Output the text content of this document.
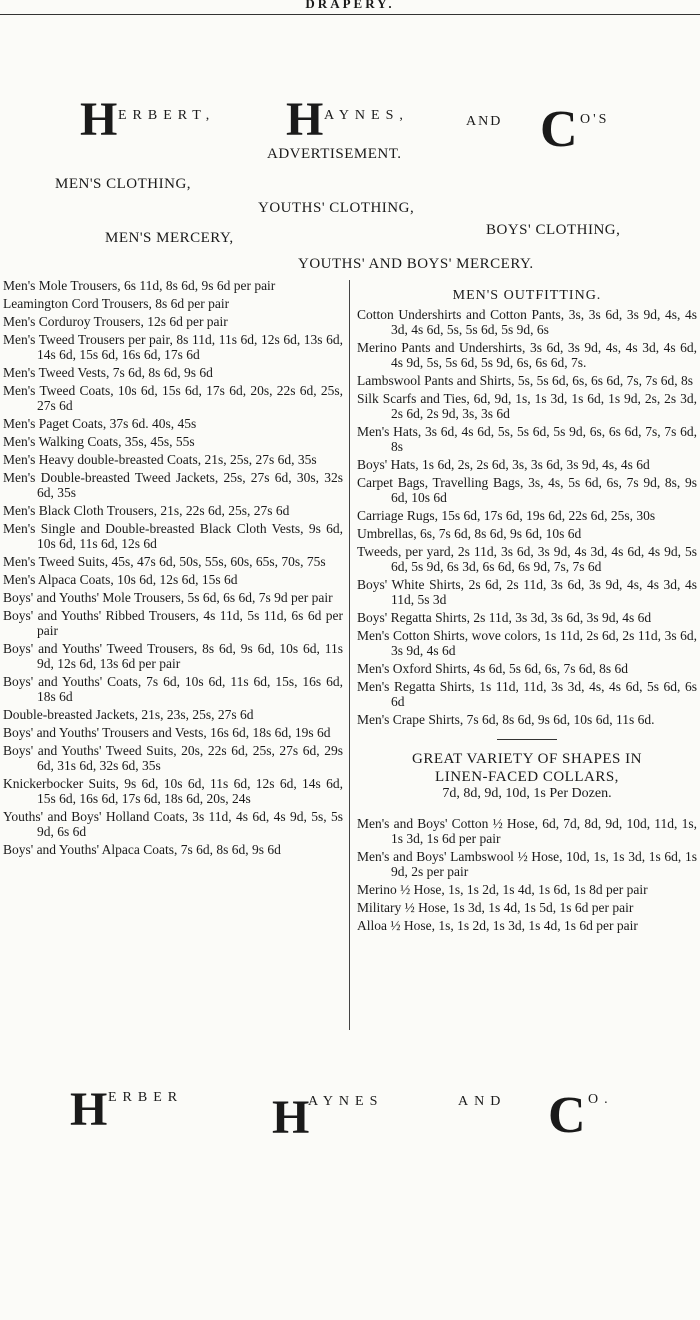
DRAPERY.
H ERBERT, H AYNES,	AND C O'S
ADVERTISEMENT.
MEN'S CLOTHING,
YOUTHS' CLOTHING,
BOYS' CLOTHING,
MEN'S MERCERY,
YOUTHS' AND BOYS' MERCERY.

Men's Mole Trousers, 6s 11d, 8s 6d, 9s 6d per pair

Leamington Cord Trousers, 8s 6d per pair

Men's Corduroy Trousers, 12s 6d per pair

Men's Tweed Trousers per pair, 8s 11d, 11s 6d, 12s 6d, 13s 6d, 14s 6d, 15s 6d, 16s 6d, 17s 6d

Men's Tweed Vests, 7s 6d, 8s 6d, 9s 6d

Men's Tweed Coats, 10s 6d, 15s 6d, 17s 6d, 20s, 22s 6d, 25s, 27s 6d

Men's Paget Coats, 37s 6d. 40s, 45s

Men's Walking Coats, 35s, 45s, 55s

Men's Heavy double-breasted Coats, 21s, 25s, 27s 6d, 35s

Men's Double-breasted Tweed Jackets, 25s, 27s 6d, 30s, 32s 6d, 35s

Men's Black Cloth Trousers, 21s, 22s 6d, 25s, 27s 6d

Men's Single and Double-breasted Black Cloth Vests, 9s 6d, 10s 6d, 11s 6d, 12s 6d

Men's Tweed Suits, 45s, 47s 6d, 50s, 55s, 60s, 65s, 70s, 75s

Men's Alpaca Coats, 10s 6d, 12s 6d, 15s 6d

Boys' and Youths' Mole Trousers, 5s 6d, 6s 6d, 7s 9d per pair

Boys' and Youths' Ribbed Trousers, 4s 11d, 5s 11d, 6s 6d per pair

Boys' and Youths' Tweed Trousers, 8s 6d, 9s 6d, 10s 6d, 11s 9d, 12s 6d, 13s 6d per pair

Boys' and Youths' Coats, 7s 6d, 10s 6d, 11s 6d, 15s, 16s 6d, 18s 6d

Double-breasted Jackets, 21s, 23s, 25s, 27s 6d

Boys' and Youths' Trousers and Vests, 16s 6d, 18s 6d, 19s 6d

Boys' and Youths' Tweed Suits, 20s, 22s 6d, 25s, 27s 6d, 29s 6d, 31s 6d, 32s 6d, 35s

Knickerbocker Suits, 9s 6d, 10s 6d, 11s 6d, 12s 6d, 14s 6d, 15s 6d, 16s 6d, 17s 6d, 18s 6d, 20s, 24s

Youths' and Boys' Holland Coats, 3s 11d, 4s 6d, 4s 9d, 5s, 5s 9d, 6s 6d

Boys' and Youths' Alpaca Coats, 7s 6d, 8s 6d, 9s 6d

MEN'S OUTFITTING.

Cotton Undershirts and Cotton Pants, 3s, 3s 6d, 3s 9d, 4s, 4s 3d, 4s 6d, 5s, 5s 6d, 5s 9d, 6s

Merino Pants and Undershirts, 3s 6d, 3s 9d, 4s, 4s 3d, 4s 6d, 4s 9d, 5s, 5s 6d, 5s 9d, 6s, 6s 6d, 7s.

Lambswool Pants and Shirts, 5s, 5s 6d, 6s, 6s 6d, 7s, 7s 6d, 8s

Silk Scarfs and Ties, 6d, 9d, 1s, 1s 3d, 1s 6d, 1s 9d, 2s, 2s 3d, 2s 6d, 2s 9d, 3s, 3s 6d

Men's Hats, 3s 6d, 4s 6d, 5s, 5s 6d, 5s 9d, 6s, 6s 6d, 7s, 7s 6d, 8s

Boys' Hats, 1s 6d, 2s, 2s 6d, 3s, 3s 6d, 3s 9d, 4s, 4s 6d

Carpet Bags, Travelling Bags, 3s, 4s, 5s 6d, 6s, 7s 9d, 8s, 9s 6d, 10s 6d

Carriage Rugs, 15s 6d, 17s 6d, 19s 6d, 22s 6d, 25s, 30s

Umbrellas, 6s, 7s 6d, 8s 6d, 9s 6d, 10s 6d

Tweeds, per yard, 2s 11d, 3s 6d, 3s 9d, 4s 3d, 4s 6d, 4s 9d, 5s 6d, 5s 9d, 6s 3d, 6s 6d, 6s 9d, 7s, 7s 6d

Boys' White Shirts, 2s 6d, 2s 11d, 3s 6d, 3s 9d, 4s, 4s 3d, 4s 11d, 5s 3d

Boys' Regatta Shirts, 2s 11d, 3s 3d, 3s 6d, 3s 9d, 4s 6d

Men's Cotton Shirts, wove colors, 1s 11d, 2s 6d, 2s 11d, 3s 6d, 3s 9d, 4s 6d

Men's Oxford Shirts, 4s 6d, 5s 6d, 6s, 7s 6d, 8s 6d

Men's Regatta Shirts, 1s 11d, 11d, 3s 3d, 4s, 4s 6d, 5s 6d, 6s 6d

Men's Crape Shirts, 7s 6d, 8s 6d, 9s 6d, 10s 6d, 11s 6d.

GREAT VARIETY OF SHAPES IN
LINEN-FACED COLLARS,
7d, 8d, 9d, 10d, 1s Per Dozen.

Men's and Boys' Cotton ½ Hose, 6d, 7d, 8d, 9d, 10d, 11d, 1s, 1s 3d, 1s 6d per pair

Men's and Boys' Lambswool ½ Hose, 10d, 1s, 1s 3d, 1s 6d, 1s 9d, 2s per pair

Merino ½ Hose, 1s, 1s 2d, 1s 4d, 1s 6d, 1s 8d per pair

Military ½ Hose, 1s 3d, 1s 4d, 1s 5d, 1s 6d per pair

Alloa ½ Hose, 1s, 1s 2d, 1s 3d, 1s 4d, 1s 6d per pair

H ERBER H
AYNES	AND C O.
